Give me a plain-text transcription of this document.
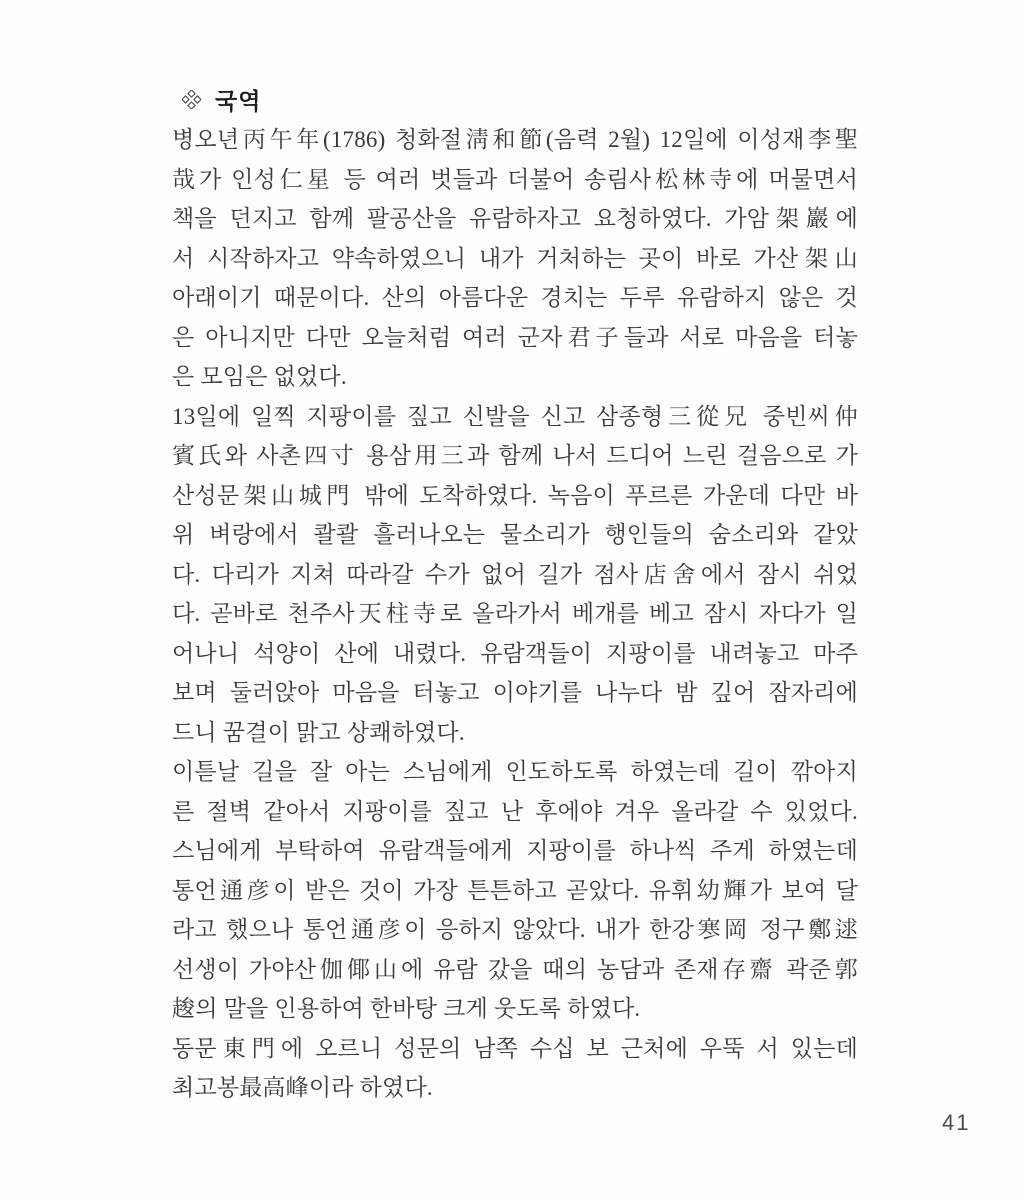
국역
병오년丙午年(1786) 청화절淸和節(음력 2월) 12일에 이성재李聖
哉가 인성仁星 등 여러 벗들과 더불어 송림사松林寺에 머물면서
책을 던지고 함께 팔공산을 유람하자고 요청하였다. 가암架巖에
서 시작하자고 약속하였으니 내가 거처하는 곳이 바로 가산架山
아래이기 때문이다. 산의 아름다운 경치는 두루 유람하지 않은 것
은 아니지만 다만 오늘처럼 여러 군자君子들과 서로 마음을 터놓
은 모임은 없었다.
13일에 일찍 지팡이를 짚고 신발을 신고 삼종형三從兄 중빈씨仲
賓氏와 사촌四寸 용삼用三과 함께 나서 드디어 느린 걸음으로 가
산성문架山城門 밖에 도착하였다. 녹음이 푸르른 가운데 다만 바
위 벼랑에서 콸콸 흘러나오는 물소리가 행인들의 숨소리와 같았
다. 다리가 지쳐 따라갈 수가 없어 길가 점사店舍에서 잠시 쉬었
다. 곧바로 천주사天柱寺로 올라가서 베개를 베고 잠시 자다가 일
어나니 석양이 산에 내렸다. 유람객들이 지팡이를 내려놓고 마주
보며 둘러앉아 마음을 터놓고 이야기를 나누다 밤 깊어 잠자리에
드니 꿈결이 맑고 상쾌하였다.
이튿날 길을 잘 아는 스님에게 인도하도록 하였는데 길이 깎아지
른 절벽 같아서 지팡이를 짚고 난 후에야 겨우 올라갈 수 있었다.
스님에게 부탁하여 유람객들에게 지팡이를 하나씩 주게 하였는데
통언通彦이 받은 것이 가장 튼튼하고 곧았다. 유휘幼輝가 보여 달
라고 했으나 통언通彦이 응하지 않았다. 내가 한강寒岡 정구鄭逑
선생이 가야산伽倻山에 유람 갔을 때의 농담과 존재存齋 곽준郭
䞭의 말을 인용하여 한바탕 크게 웃도록 하였다.
동문東門에 오르니 성문의 남쪽 수십 보 근처에 우뚝 서 있는데
최고봉最高峰이라 하였다.
41
